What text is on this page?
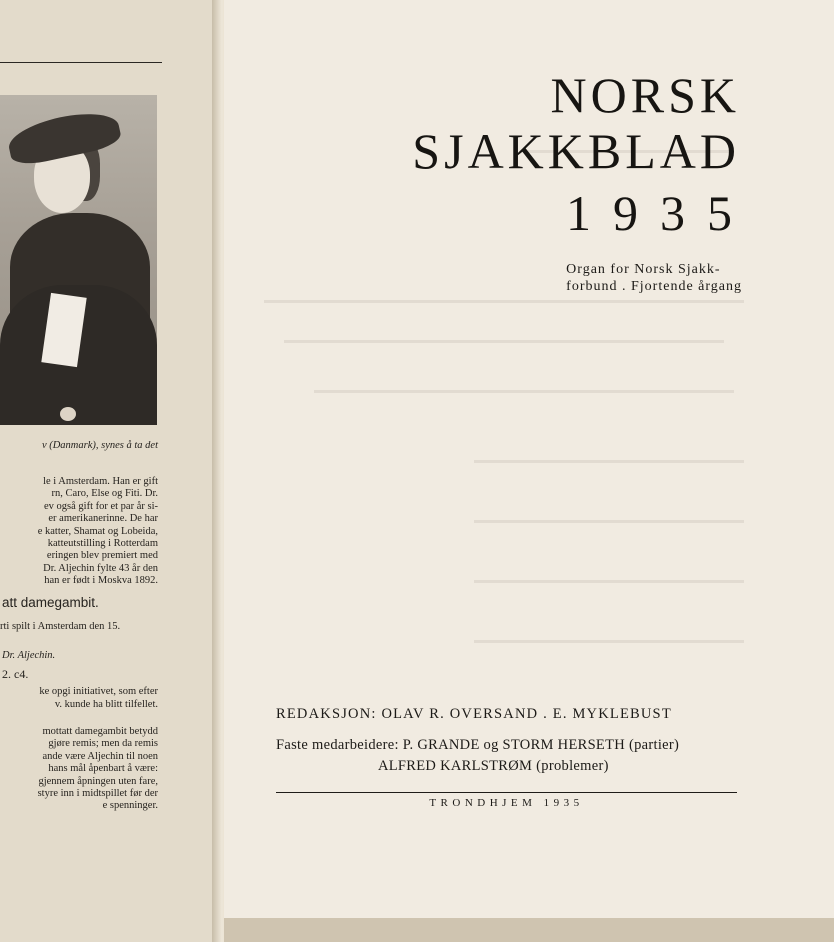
v (Danmark), synes å ta det
le i Amsterdam. Han er gift
rn, Caro, Else og Fiti. Dr.
ev også gift for et par år si-
er amerikanerinne. De har
e katter, Shamat og Lobeida,
katteutstilling i Rotterdam
eringen blev premiert med
Dr. Aljechin fylte 43 år den
han er født i Moskva 1892.
att damegambit.
rti spilt i Amsterdam den 15.
Dr. Aljechin.
2. c4.
ke opgi initiativet, som efter
v. kunde ha blitt tilfellet.
mottatt damegambit betydd
gjøre remis; men da remis
ande være Aljechin til noen
hans mål åpenbart å være:
gjennem åpningen uten fare,
styre inn i midtspillet før der
e spenninger.
NORSK
SJAKKBLAD
1935
Organ for Norsk Sjakk-
forbund . Fjortende årgang
REDAKSJON: OLAV R. OVERSAND . E. MYKLEBUST
Faste medarbeidere: P. GRANDE og STORM HERSETH (partier)
ALFRED KARLSTRØM (problemer)
TRONDHJEM 1935
